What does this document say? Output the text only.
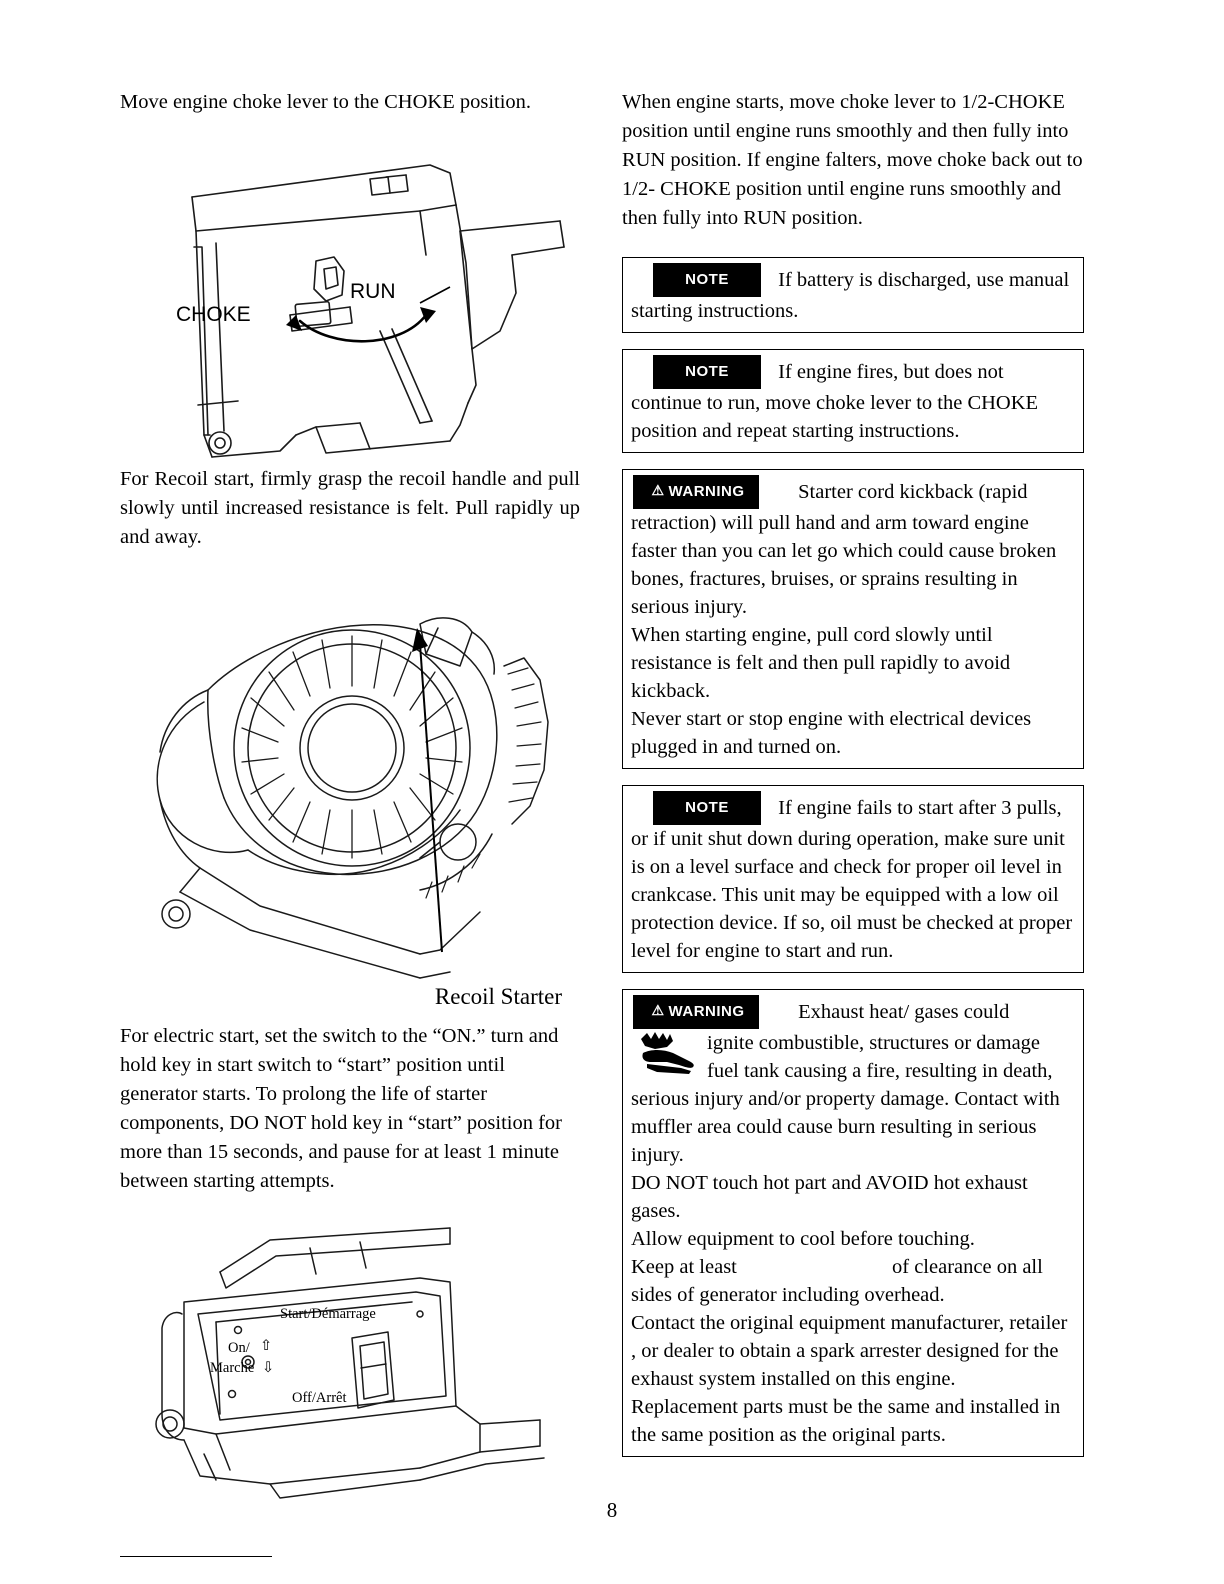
Move engine choke lever to the CHOKE position.

CHOKE
RUN

For Recoil start, firmly grasp the recoil handle and pull slowly until increased resistance is felt. Pull rapidly up and away.

Recoil Starter

For electric start, set the switch to the “ON.” turn and hold key in start switch to “start” position until generator starts. To prolong the life of starter components, DO NOT hold key in “start” position for more than 15 seconds, and pause for at least 1 minute between starting attempts.

Start/Démarrage
On/ ⇧
Marche ⇩
Off/Arrêt

When engine starts, move choke lever to 1/2-CHOKE position until engine runs smoothly and then fully into RUN position. If engine falters, move choke back out to 1/2- CHOKE position until engine runs smoothly and then fully into RUN position.

NOTE If battery is discharged, use manual starting instructions.

NOTE If engine fires, but does not continue to run, move choke lever to the CHOKE position and repeat starting instructions.

⚠ WARNING	Starter cord kickback (rapid retraction) will pull hand and arm toward engine faster than you can let go which could cause broken bones, fractures, bruises, or sprains resulting in serious injury.

When starting engine, pull cord slowly until resistance is felt and then pull rapidly to avoid kickback.

Never start or stop engine with electrical devices plugged in and turned on.

NOTE If engine fails to start after 3 pulls, or if unit shut down during operation, make sure unit is on a level surface and check for proper oil level in crankcase. This unit may be equipped with a low oil protection device. If so, oil must be checked at proper level for engine to start and run.

⚠ WARNING	Exhaust heat/ gases could

ignite combustible, structures or damage

fuel tank causing a fire, resulting in death, serious injury and/or property damage. Contact with muffler area could cause burn resulting in serious injury.

DO NOT touch hot part and AVOID hot exhaust gases.

Allow equipment to cool before touching.

Keep at least	of clearance on all sides of generator including overhead.

Contact the original equipment manufacturer, retailer , or dealer to obtain a spark arrester designed for the exhaust system installed on this engine.

Replacement parts must be the same and installed in the same position as the original parts.

8
